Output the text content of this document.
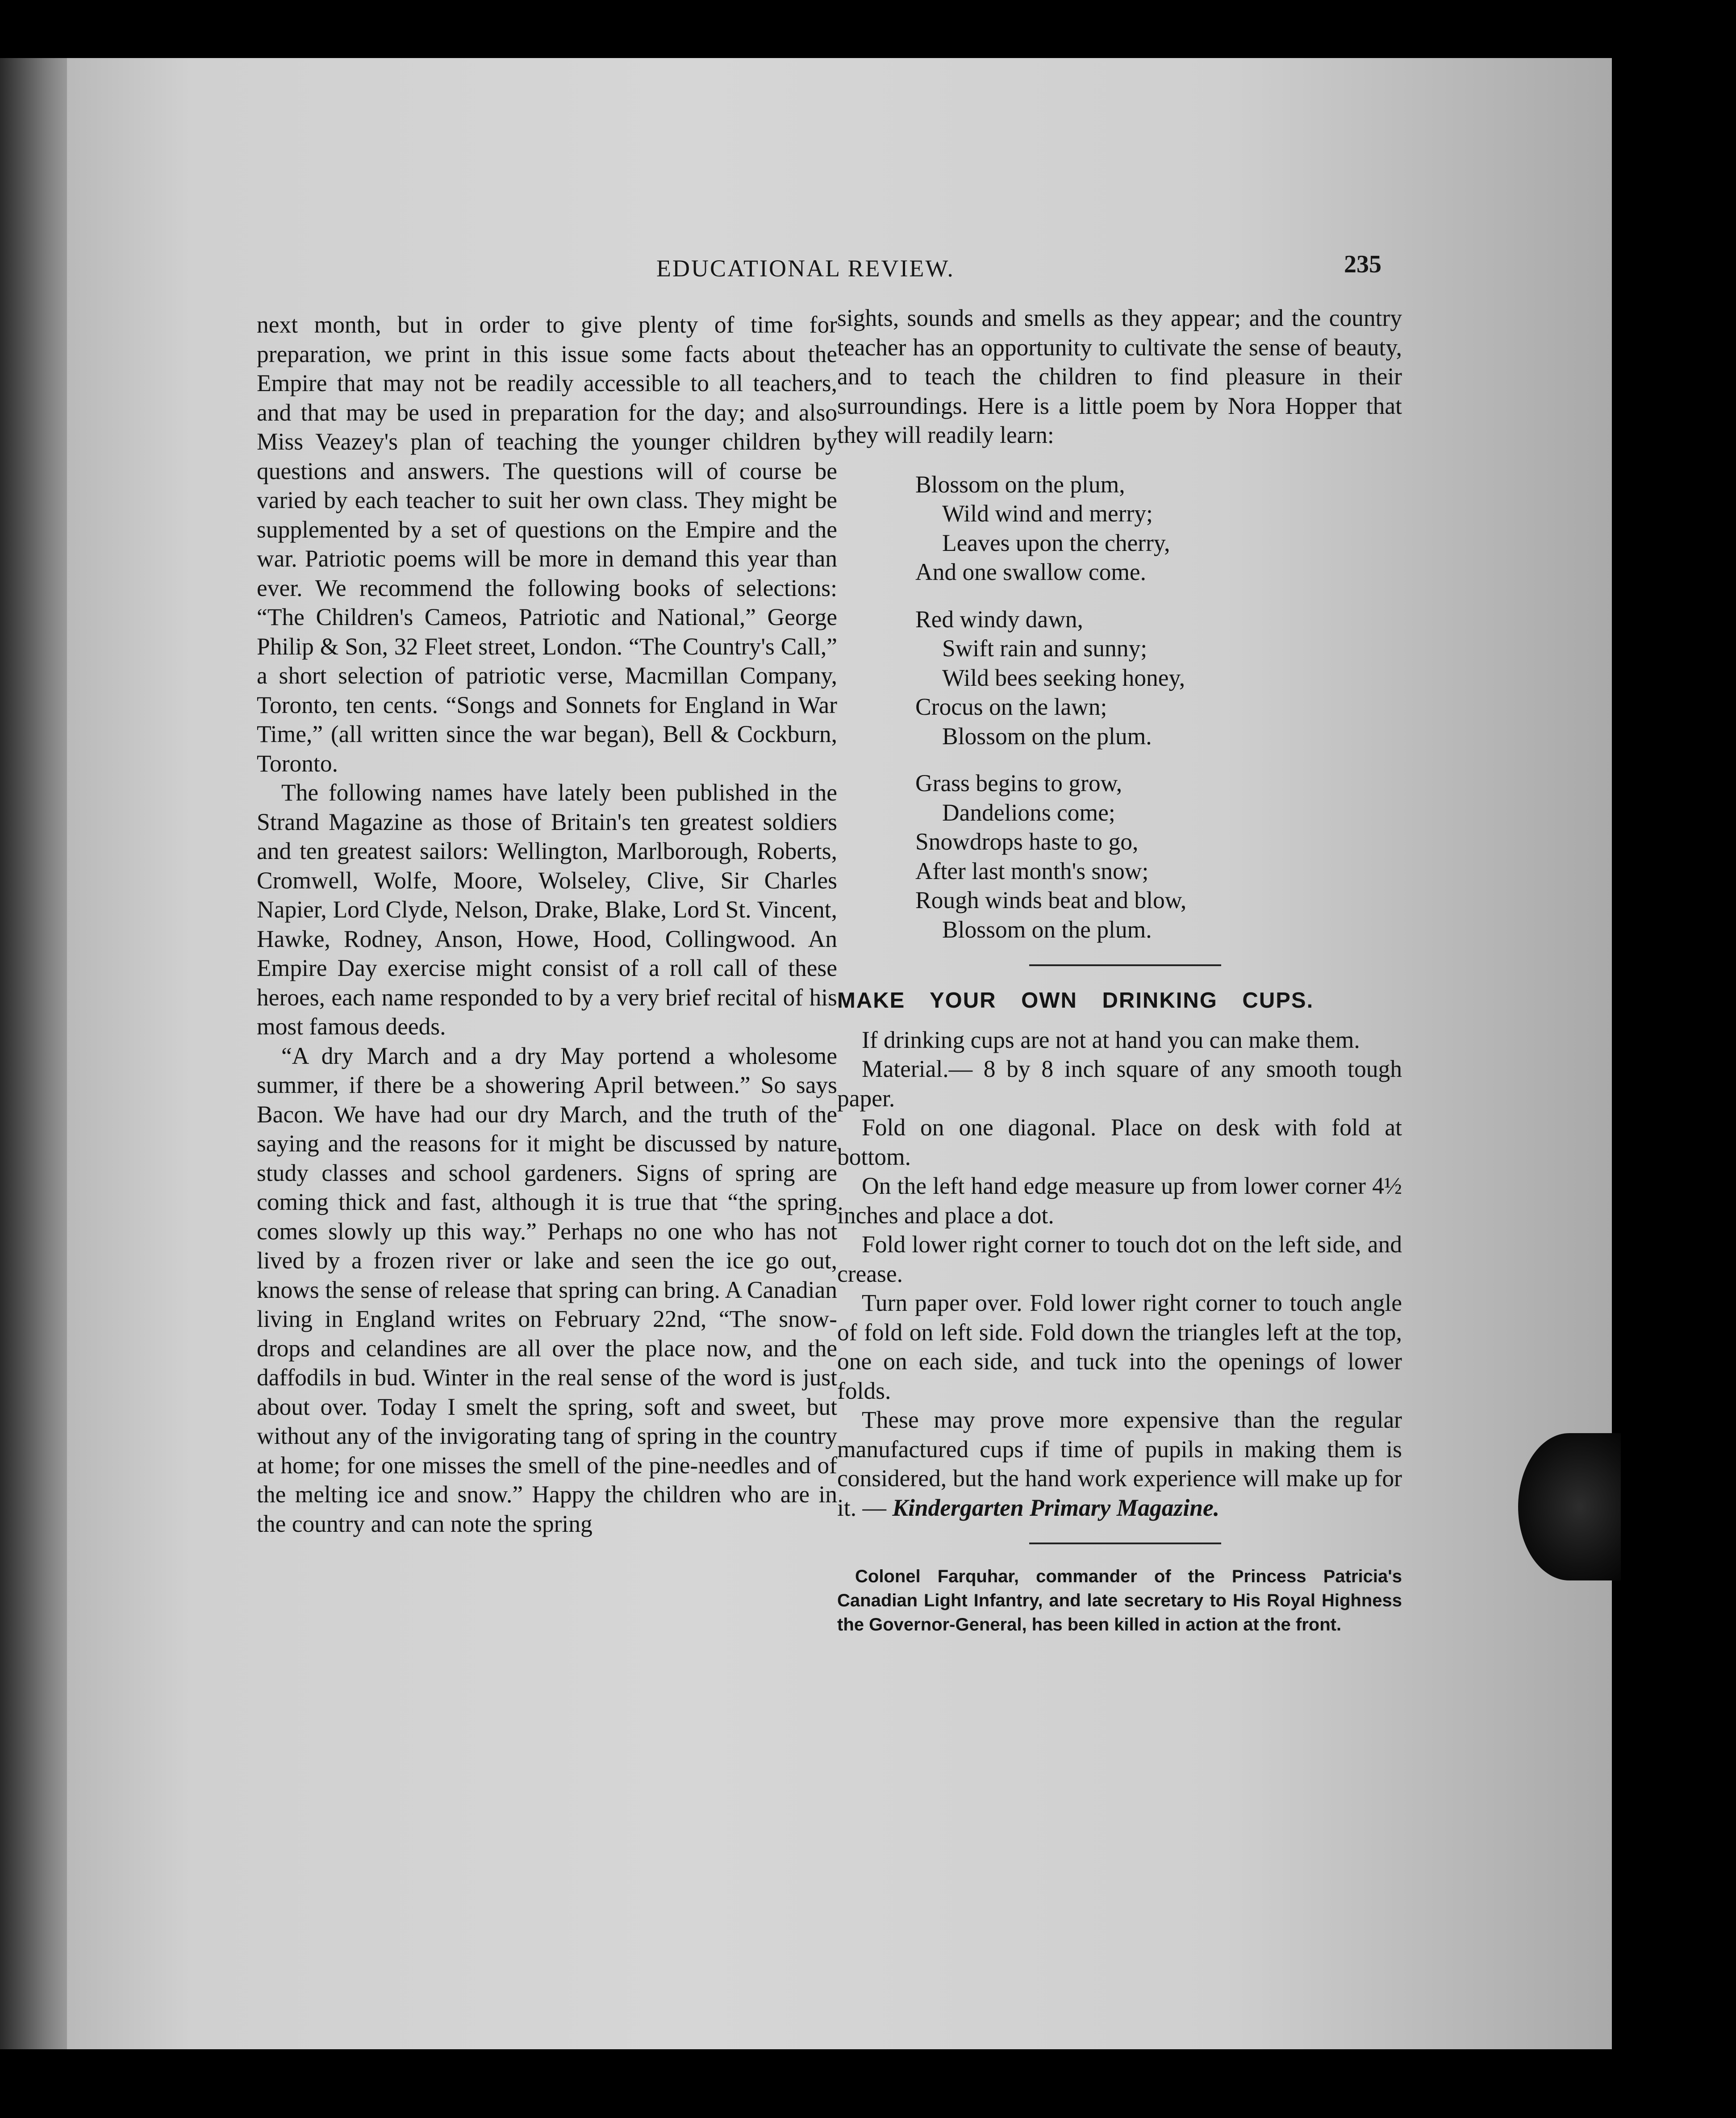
EDUCATIONAL REVIEW.	235

next month, but in order to give plenty of time for preparation, we print in this issue some facts about the Empire that may not be readily accessible to all teachers, and that may be used in preparation for the day; and also Miss Veazey's plan of teaching the younger children by questions and answers. The questions will of course be varied by each teacher to suit her own class. They might be supplemented by a set of questions on the Empire and the war. Patriotic poems will be more in demand this year than ever. We recommend the following books of selections: “The Children's Cameos, Patriotic and National,” George Philip & Son, 32 Fleet street, London. “The Country's Call,” a short selection of patriotic verse, Macmillan Company, Toronto, ten cents. “Songs and Sonnets for England in War Time,” (all written since the war began), Bell & Cockburn, Toronto.

The following names have lately been published in the Strand Magazine as those of Britain's ten greatest soldiers and ten greatest sailors: Wellington, Marlborough, Roberts, Cromwell, Wolfe, Moore, Wolseley, Clive, Sir Charles Napier, Lord Clyde, Nelson, Drake, Blake, Lord St. Vincent, Hawke, Rodney, Anson, Howe, Hood, Collingwood. An Empire Day exercise might consist of a roll call of these heroes, each name responded to by a very brief recital of his most famous deeds.

“A dry March and a dry May portend a wholesome summer, if there be a showering April between.” So says Bacon. We have had our dry March, and the truth of the saying and the reasons for it might be discussed by nature study classes and school gardeners. Signs of spring are coming thick and fast, although it is true that “the spring comes slowly up this way.” Perhaps no one who has not lived by a frozen river or lake and seen the ice go out, knows the sense of release that spring can bring. A Canadian living in England writes on February 22nd, “The snow-drops and celandines are all over the place now, and the daffodils in bud. Winter in the real sense of the word is just about over. Today I smelt the spring, soft and sweet, but without any of the invigorating tang of spring in the country at home; for one misses the smell of the pine-needles and of the melting ice and snow.” Happy the children who are in the country and can note the spring

sights, sounds and smells as they appear; and the country teacher has an opportunity to cultivate the sense of beauty, and to teach the children to find pleasure in their surroundings. Here is a little poem by Nora Hopper that they will readily learn:

Blossom on the plum,
Wild wind and merry;
Leaves upon the cherry,
And one swallow come.
Red windy dawn,
Swift rain and sunny;
Wild bees seeking honey,
Crocus on the lawn;
Blossom on the plum.
Grass begins to grow,
Dandelions come;
Snowdrops haste to go,
After last month's snow;
Rough winds beat and blow,
Blossom on the plum.
MAKE YOUR OWN DRINKING CUPS.

If drinking cups are not at hand you can make them.

Material.— 8 by 8 inch square of any smooth tough paper.

Fold on one diagonal. Place on desk with fold at bottom.

On the left hand edge measure up from lower corner 4½ inches and place a dot.

Fold lower right corner to touch dot on the left side, and crease.

Turn paper over. Fold lower right corner to touch angle of fold on left side. Fold down the triangles left at the top, one on each side, and tuck into the openings of lower folds.

These may prove more expensive than the regular manufactured cups if time of pupils in making them is considered, but the hand work experience will make up for it. — Kindergarten Primary Magazine.

Colonel Farquhar, commander of the Princess Patricia's Canadian Light Infantry, and late secretary to His Royal Highness the Governor-General, has been killed in action at the front.
